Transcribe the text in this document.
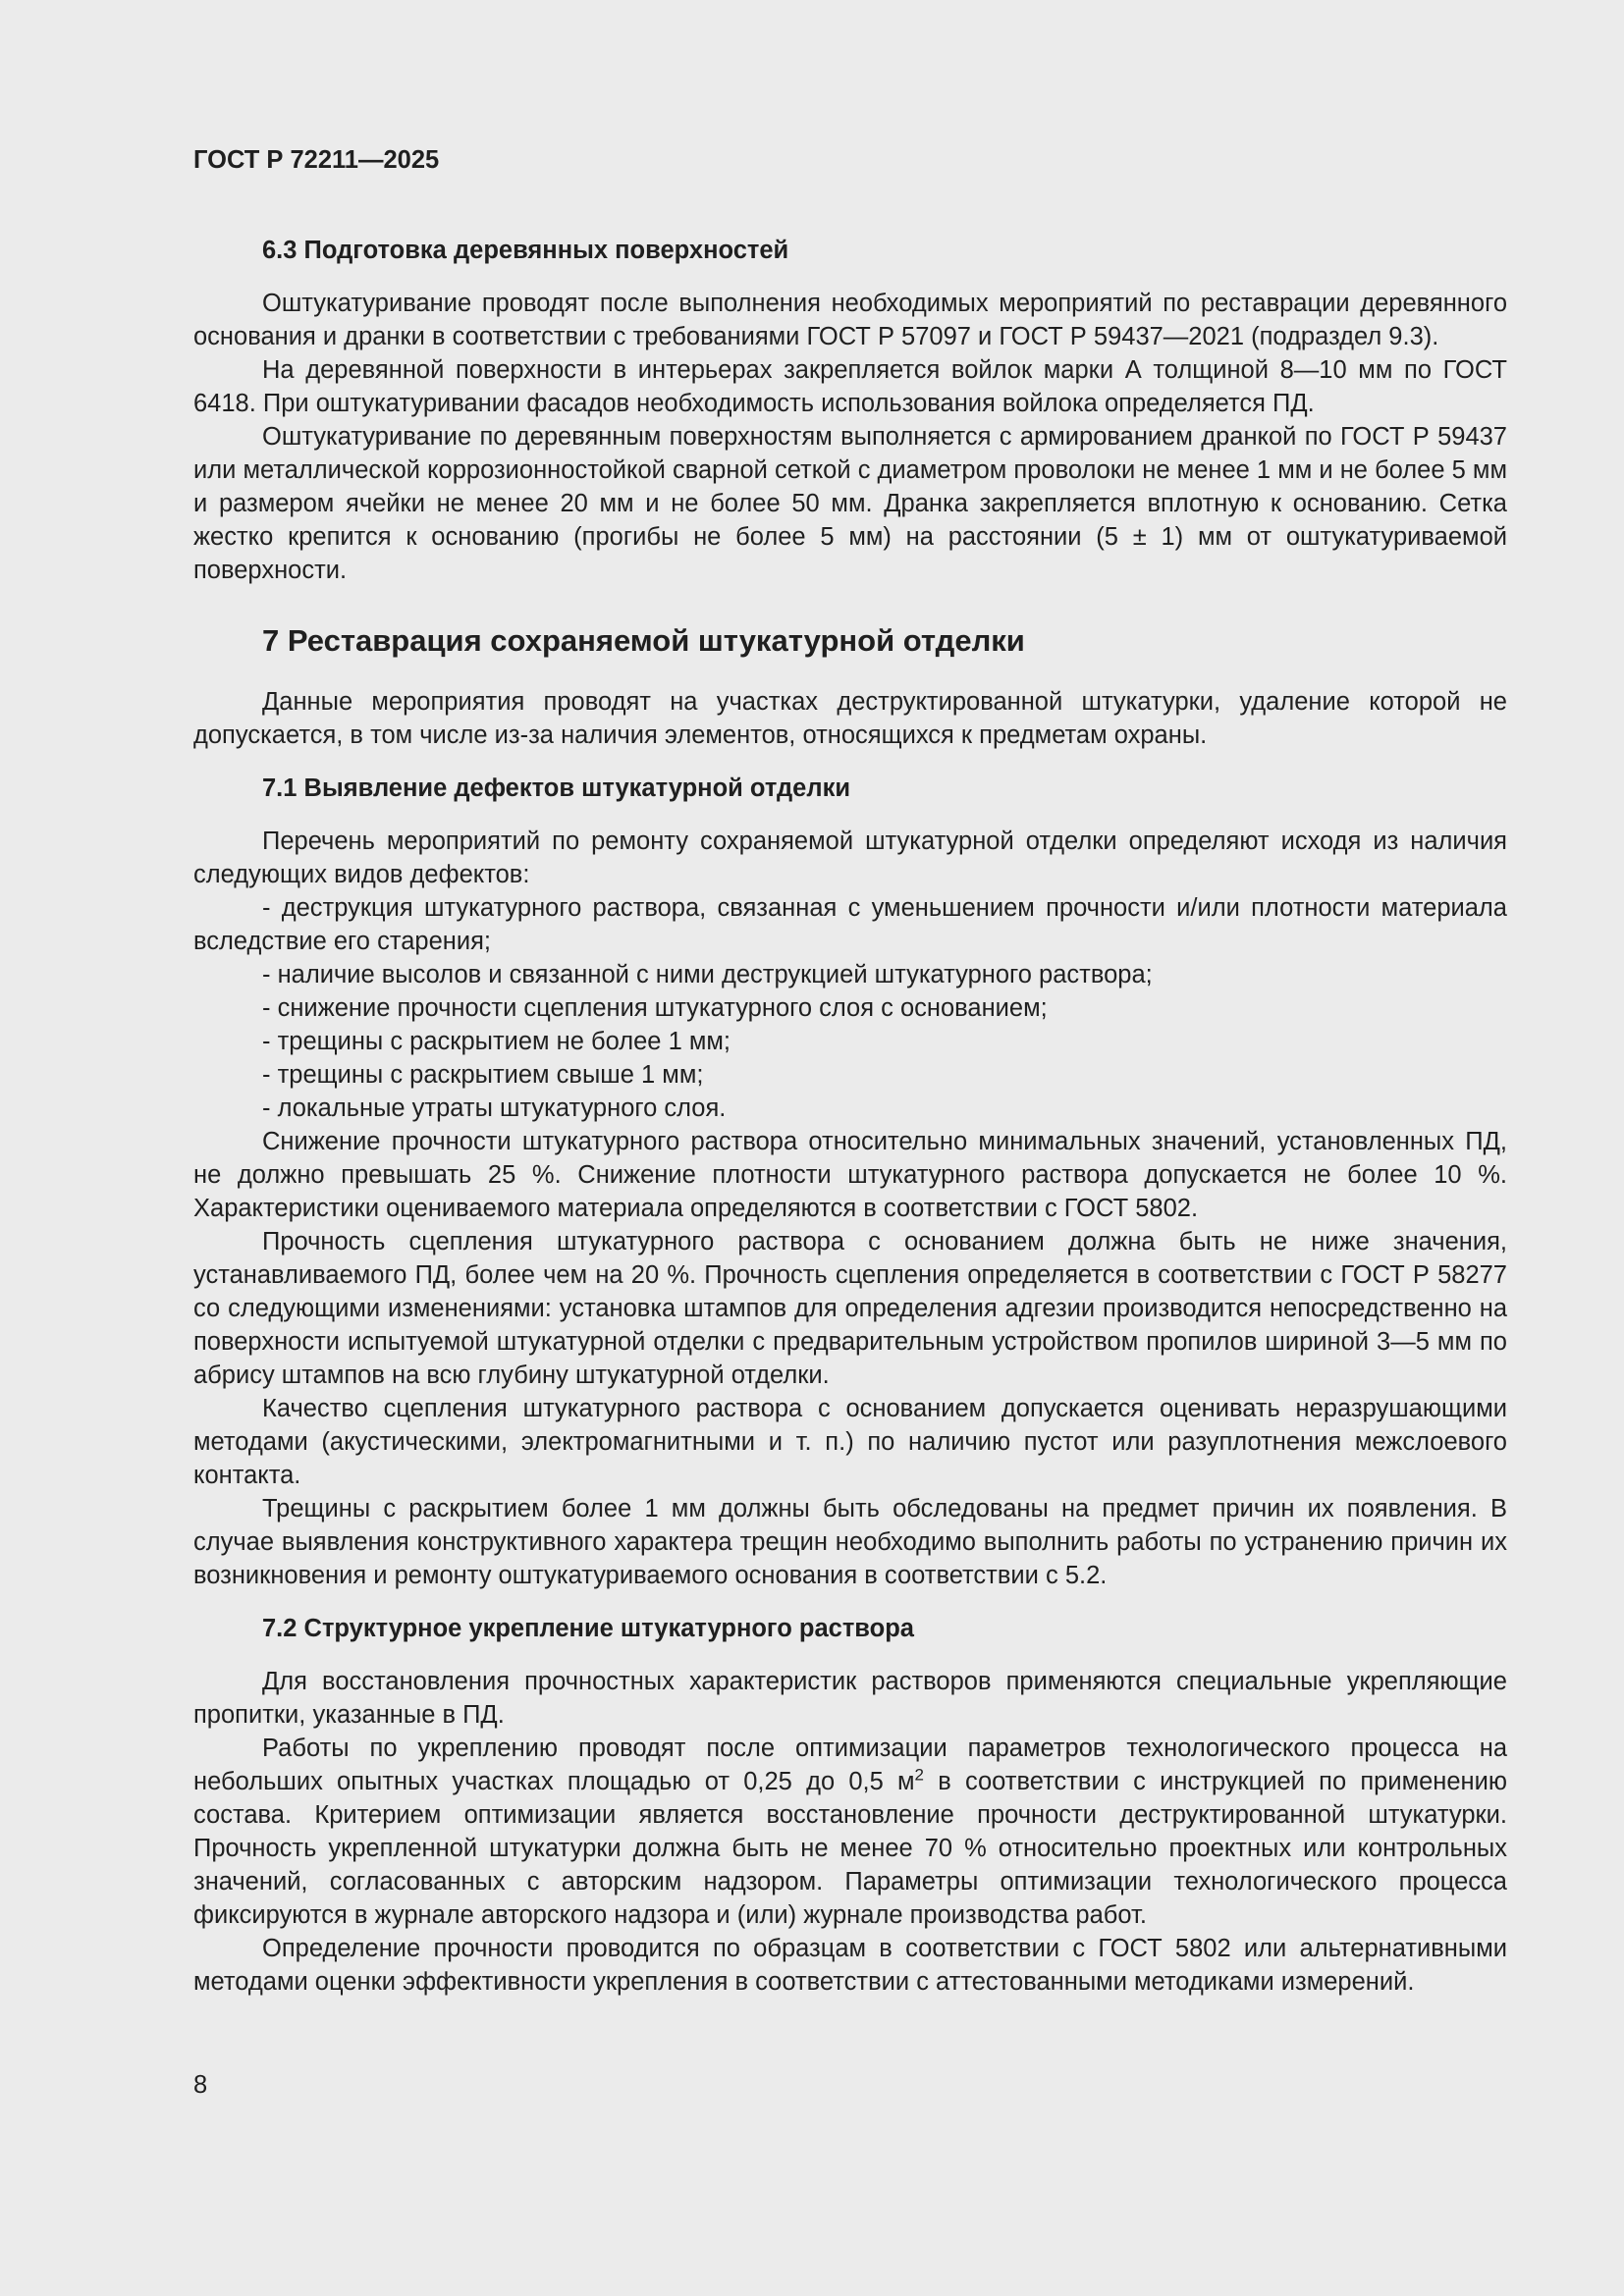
ГОСТ Р 72211—2025
6.3 Подготовка деревянных поверхностей

Оштукатуривание проводят после выполнения необходимых мероприятий по реставрации деревянного основания и дранки в соответствии с требованиями ГОСТ Р 57097 и ГОСТ Р 59437—2021 (подраздел 9.3).

На деревянной поверхности в интерьерах закрепляется войлок марки А толщиной 8—10 мм по ГОСТ 6418. При оштукатуривании фасадов необходимость использования войлока определяется ПД.

Оштукатуривание по деревянным поверхностям выполняется с армированием дранкой по ГОСТ Р 59437 или металлической коррозионностойкой сварной сеткой с диаметром проволоки не менее 1 мм и не более 5 мм и размером ячейки не менее 20 мм и не более 50 мм. Дранка закрепляется вплотную к основанию. Сетка жестко крепится к основанию (прогибы не более 5 мм) на расстоянии (5 ± 1) мм от оштукатуриваемой поверхности.

7 Реставрация сохраняемой штукатурной отделки

Данные мероприятия проводят на участках деструктированной штукатурки, удаление которой не допускается, в том числе из-за наличия элементов, относящихся к предметам охраны.

7.1 Выявление дефектов штукатурной отделки

Перечень мероприятий по ремонту сохраняемой штукатурной отделки определяют исходя из наличия следующих видов дефектов:

- деструкция штукатурного раствора, связанная с уменьшением прочности и/или плотности материала вследствие его старения;

- наличие высолов и связанной с ними деструкцией штукатурного раствора;

- снижение прочности сцепления штукатурного слоя с основанием;

- трещины с раскрытием не более 1 мм;

- трещины с раскрытием свыше 1 мм;

- локальные утраты штукатурного слоя.

Снижение прочности штукатурного раствора относительно минимальных значений, установленных ПД, не должно превышать 25 %. Снижение плотности штукатурного раствора допускается не более 10 %. Характеристики оцениваемого материала определяются в соответствии с ГОСТ 5802.

Прочность сцепления штукатурного раствора с основанием должна быть не ниже значения, устанавливаемого ПД, более чем на 20 %. Прочность сцепления определяется в соответствии с ГОСТ Р 58277 со следующими изменениями: установка штампов для определения адгезии производится непосредственно на поверхности испытуемой штукатурной отделки с предварительным устройством пропилов шириной 3—5 мм по абрису штампов на всю глубину штукатурной отделки.

Качество сцепления штукатурного раствора с основанием допускается оценивать неразрушающими методами (акустическими, электромагнитными и т. п.) по наличию пустот или разуплотнения межслоевого контакта.

Трещины с раскрытием более 1 мм должны быть обследованы на предмет причин их появления. В случае выявления конструктивного характера трещин необходимо выполнить работы по устранению причин их возникновения и ремонту оштукатуриваемого основания в соответствии с 5.2.

7.2 Структурное укрепление штукатурного раствора

Для восстановления прочностных характеристик растворов применяются специальные укрепляющие пропитки, указанные в ПД.

Работы по укреплению проводят после оптимизации параметров технологического процесса на небольших опытных участках площадью от 0,25 до 0,5 $м^2$ в соответствии с инструкцией по применению состава. Критерием оптимизации является восстановление прочности деструктированной штукатурки. Прочность укрепленной штукатурки должна быть не менее 70 % относительно проектных или контрольных значений, согласованных с авторским надзором. Параметры оптимизации технологического процесса фиксируются в журнале авторского надзора и (или) журнале производства работ.

Определение прочности проводится по образцам в соответствии с ГОСТ 5802 или альтернативными методами оценки эффективности укрепления в соответствии с аттестованными методиками измерений.

8
